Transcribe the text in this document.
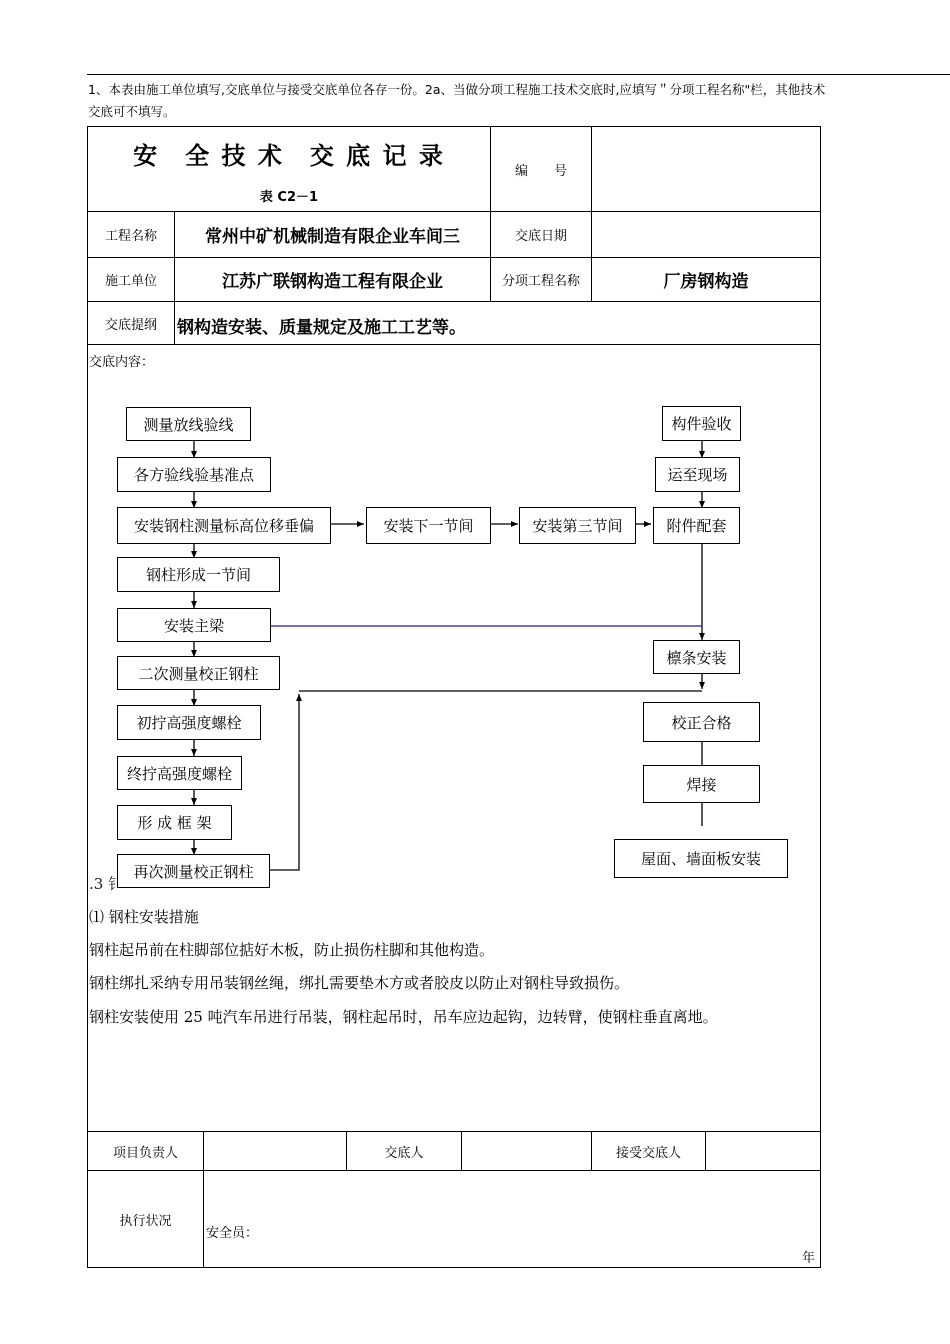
1、本表由施工单位填写,交底单位与接受交底单位各存一份。2a、当做分项工程施工技术交底时,应填写＂分项工程名称"栏，其他技术
交底可不填写。
安　全 技 术　交 底 记 录
表 C2－1
编　　号
工程名称	常州中矿机械制造有限企业车间三	交底日期
施工单位	江苏广联钢构造工程有限企业	分项工程名称	厂房钢构造
交底提纲	钢构造安装、质量规定及施工工艺等。
交底内容：
测量放线验线
各方验线验基准点
安装钢柱测量标高位移垂偏	安装下一节间	安装第三节间	附件配套
构件验收
运至现场
钢柱形成一节间
安装主梁
檩条安装
二次测量校正钢柱
初拧高强度螺栓	校正合格
终拧高强度螺栓
焊接
形 成 框 架
再次测量校正钢柱
屋面、墙面板安装
.3 钅
⑴ 钢柱安装措施
钢柱起吊前在柱脚部位掂好木板，防止损伤柱脚和其他构造。
钢柱绑扎采纳专用吊装钢丝绳，绑扎需要垫木方或者胶皮以防止对钢柱导致损伤。
钢柱安装使用 25 吨汽车吊进行吊装，钢柱起吊时，吊车应边起钩，边转臂，使钢柱垂直离地。
项目负责人	交底人	接受交底人
执行状况
安全员：
年
